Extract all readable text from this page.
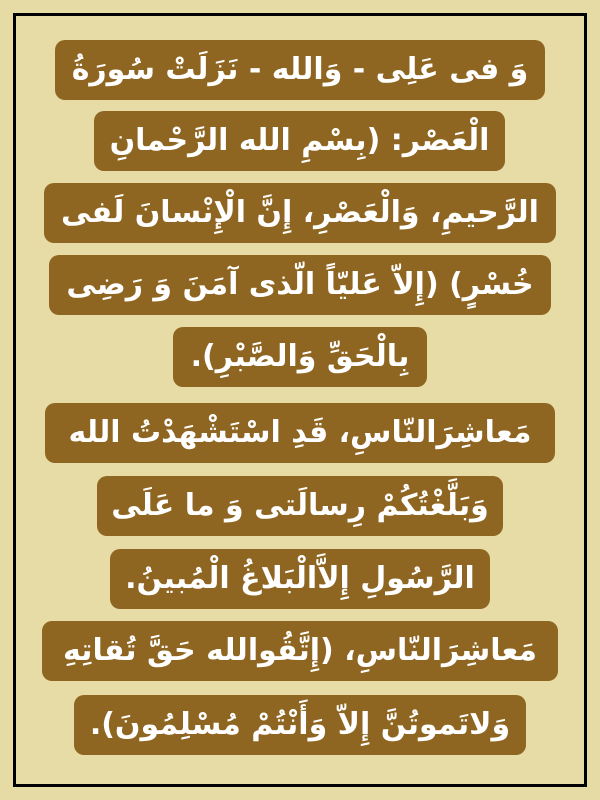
وَ فی عَلِی - وَالله - نَزَلَتْ سُورَةُ
الْعَصْر: (بِسْمِ الله الرَّحْمانِ
الرَّحیمِ، وَالْعَصْرِ، إِنَّ الْإِنْسانَ لَفی
خُسْرٍ) (إِلاّ عَلیّاً الّذی آمَنَ وَ رَضِی
بِالْحَقِّ وَالصَّبْرِ).
مَعاشِرَالنّاسِ، قَدِ اسْتَشْهَدْتُ الله
وَبَلَّغْتُكُمْ رِسالَتی وَ ما عَلَی
الرَّسُولِ إِلاَّالْبَلاغُ الْمُبینُ.
مَعاشِرَالنّاسِ، (إِتَّقُوالله حَقَّ تُقاتِهِ
وَلاتَموتُنَّ إِلاّ وَأَنْتُمْ مُسْلِمُونَ).
